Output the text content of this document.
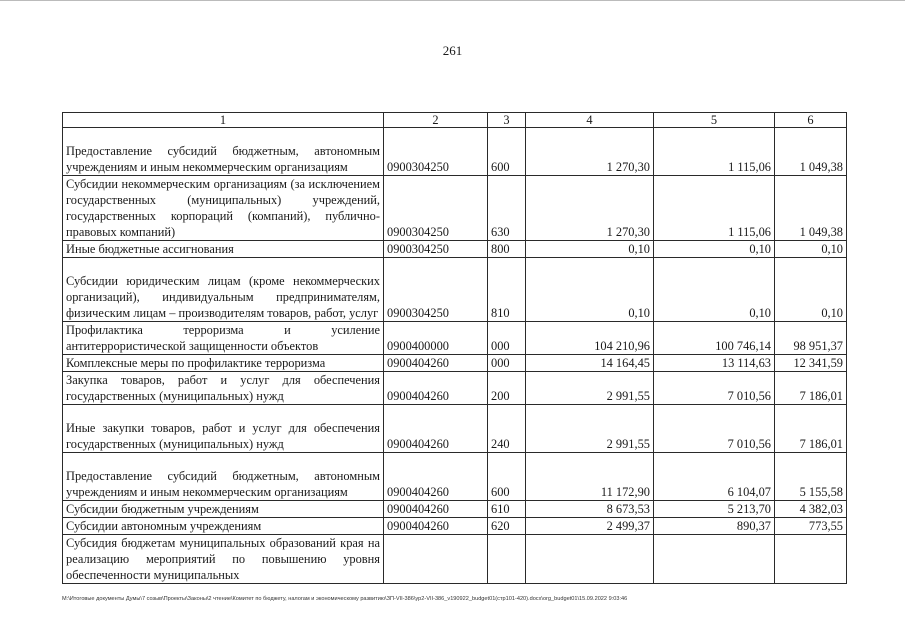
261
1	2	3	4	5	6
Предоставление субсидий бюджетным, автономным учреждениям и иным некоммерческим организациям	0900304250	600	1 270,30	1 115,06	1 049,38
Субсидии некоммерческим организациям (за исключением государственных (муниципальных) учреждений, государственных корпораций (компаний), публично-правовых компаний)	0900304250	630	1 270,30	1 115,06	1 049,38
Иные бюджетные ассигнования	0900304250	800	0,10	0,10	0,10
Субсидии юридическим лицам (кроме некоммерческих организаций), индивидуальным предпринимателям, физическим лицам – производителям товаров, работ, услуг	0900304250	810	0,10	0,10	0,10
Профилактика терроризма и усиление антитеррористической защищенности объектов	0900400000	000	104 210,96	100 746,14	98 951,37
Комплексные меры по профилактике терроризма	0900404260	000	14 164,45	13 114,63	12 341,59
Закупка товаров, работ и услуг для обеспечения государственных (муниципальных) нужд	0900404260	200	2 991,55	7 010,56	7 186,01
Иные закупки товаров, работ и услуг для обеспечения государственных (муниципальных) нужд	0900404260	240	2 991,55	7 010,56	7 186,01
Предоставление субсидий бюджетным, автономным учреждениям и иным некоммерческим организациям	0900404260	600	11 172,90	6 104,07	5 155,58
Субсидии бюджетным учреждениям	0900404260	610	8 673,53	5 213,70	4 382,03
Субсидии автономным учреждениям	0900404260	620	2 499,37	890,37	773,55
Субсидия бюджетам муниципальных образований края на реализацию мероприятий по повышению уровня обеспеченности муниципальных					
M:\Итоговые документы Думы\7 созыв\Проекты\Законы\2 чтение\Комитет по бюджету, налогам и экономическому развитию\ЗП-VII-386\ур2-VII-386_v190922_budget01(стр101-420).docx\org_budget01\15.09.2022 9:03:46
